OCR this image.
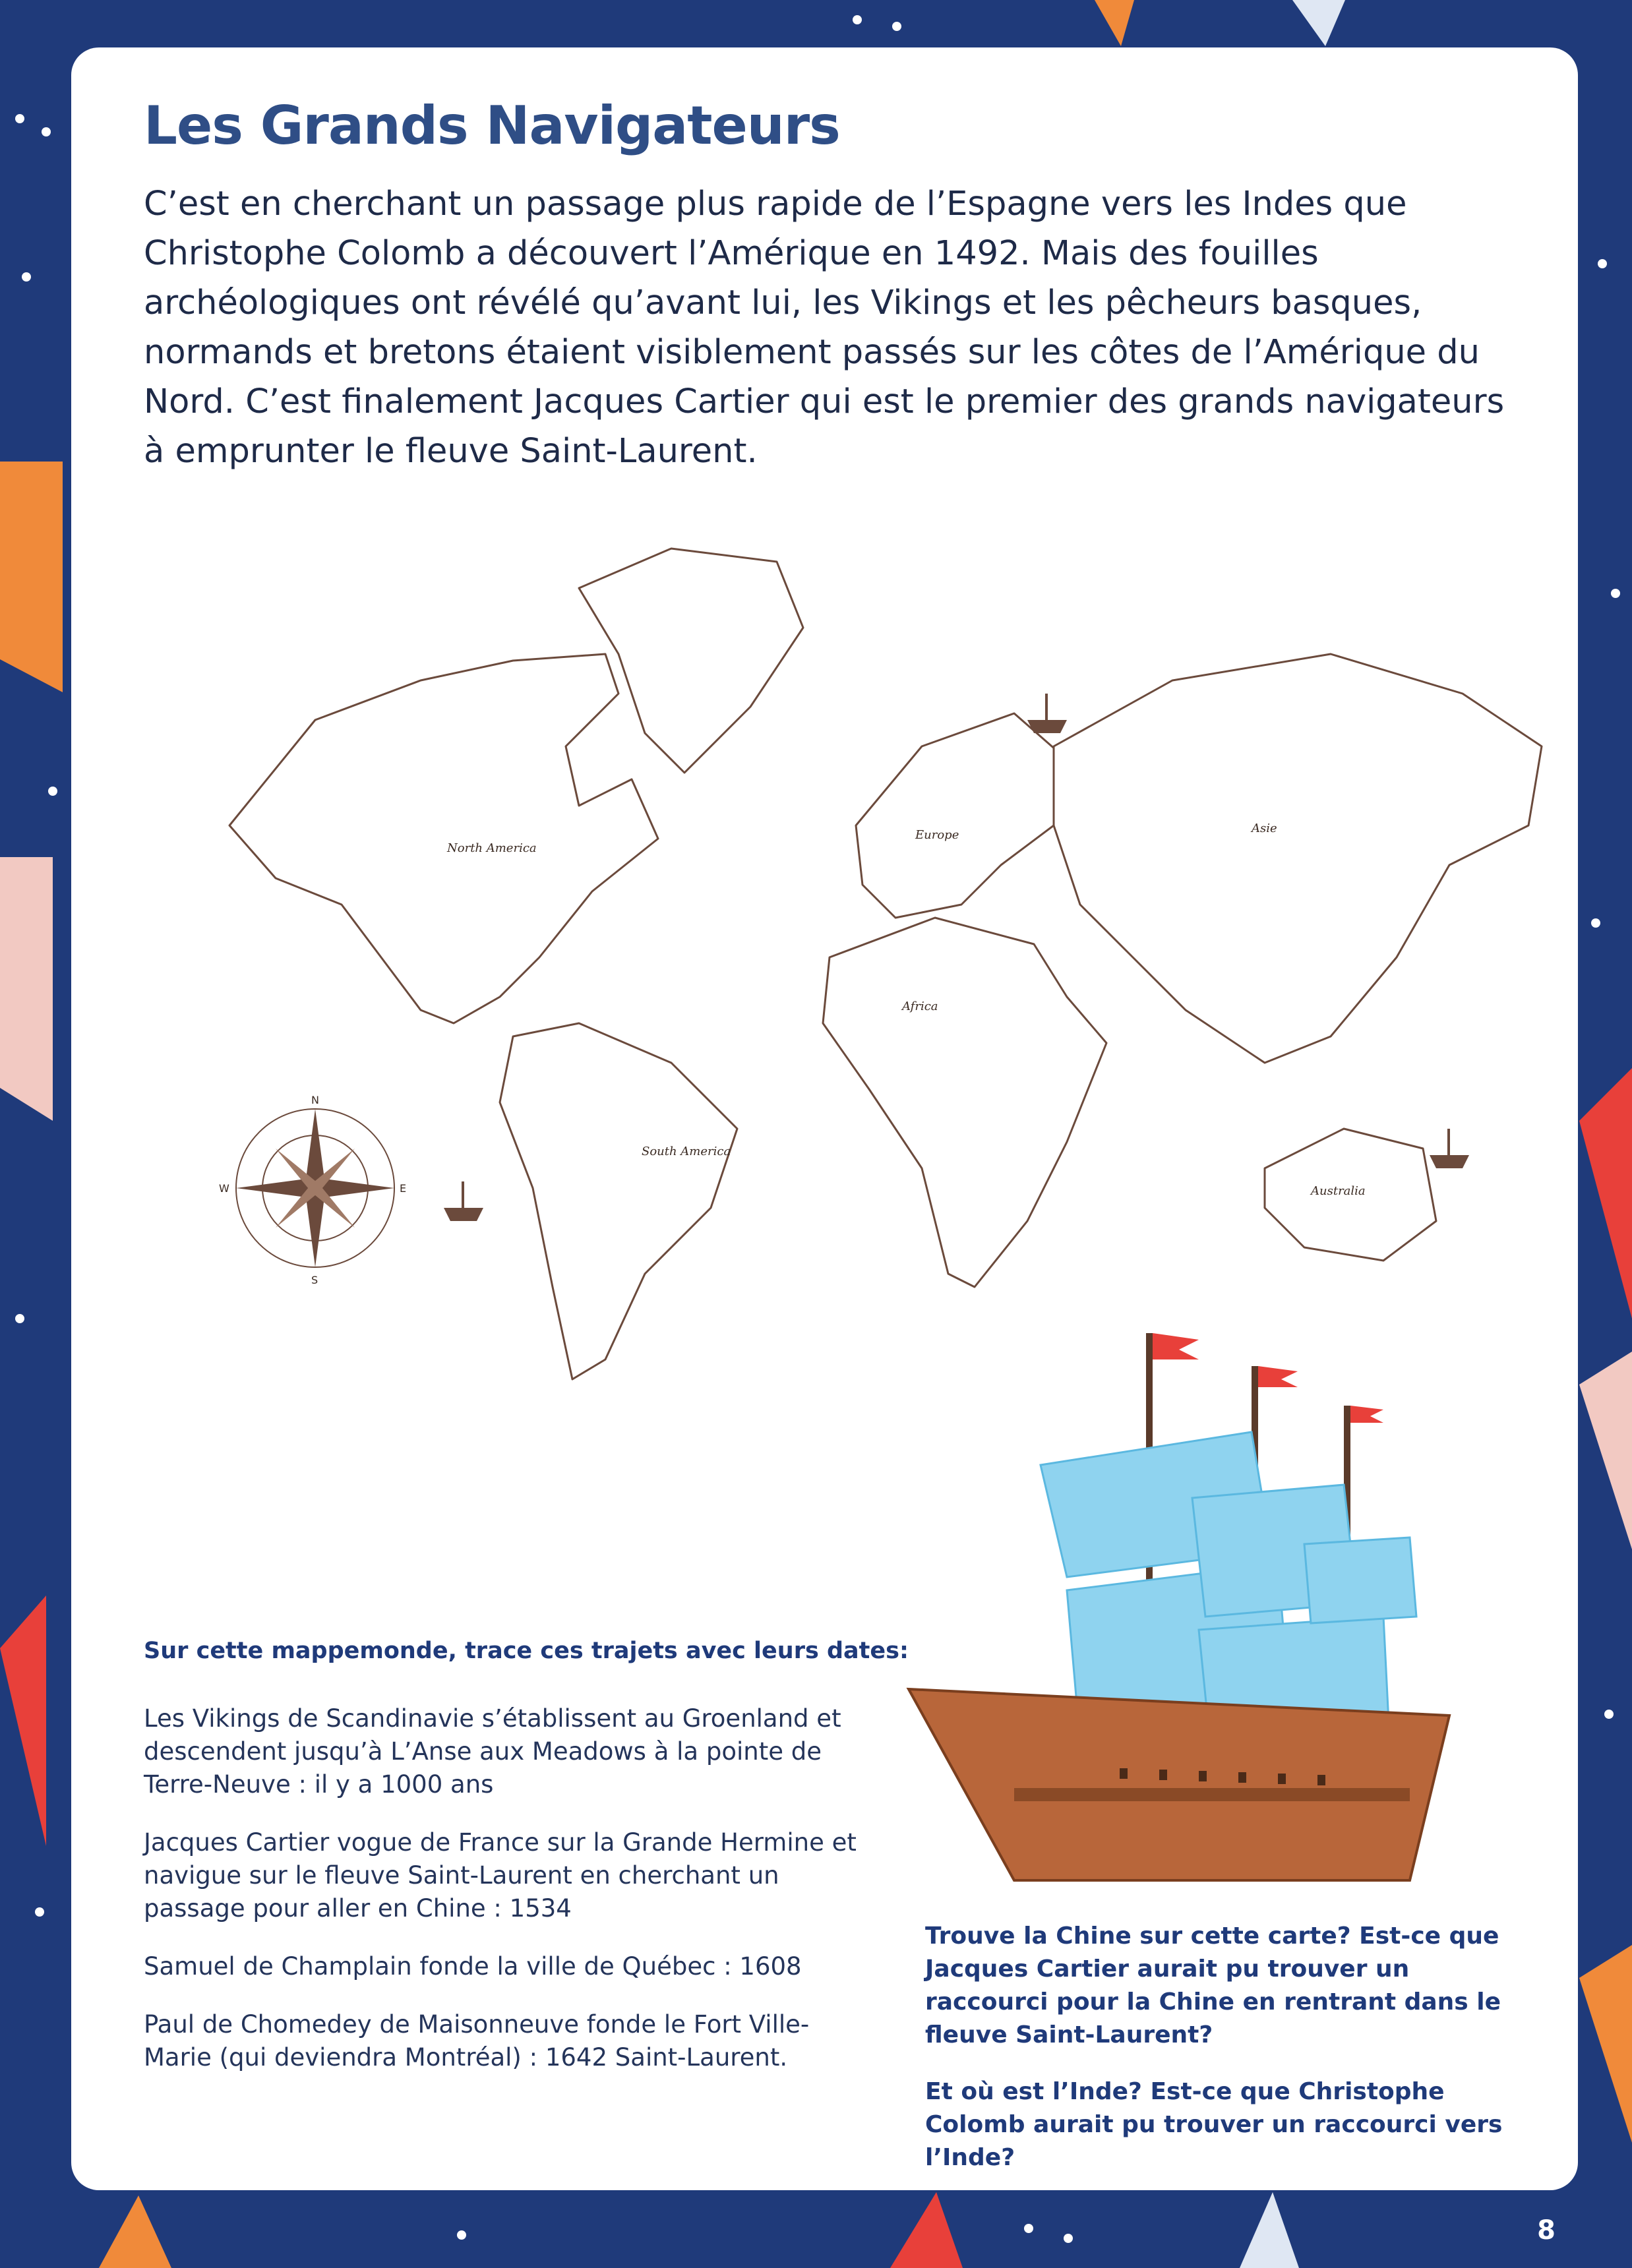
Les Grands Navigateurs

C’est en cherchant un passage plus rapide de l’Espagne vers les Indes que Christophe Colomb a découvert l’Amérique en 1492. Mais des fouilles archéologiques ont révélé qu’avant lui, les Vikings et les pêcheurs basques, normands et bretons étaient visiblement passés sur les côtes de l’Amérique du Nord. C’est finalement Jacques Cartier qui est le premier des grands navigateurs à emprunter le fleuve Saint-Laurent.

North America
South America
Europe
Africa
Asie
Australia
N
S
E
W
Sur cette mappemonde, trace ces trajets avec leurs dates:

Les Vikings de Scandinavie s’établissent au Groenland et descendent jusqu’à L’Anse aux Meadows à la pointe de Terre-Neuve : il y a 1000 ans

Jacques Cartier vogue de France sur la Grande Hermine et navigue sur le fleuve Saint-Laurent en cherchant un passage pour aller en Chine : 1534

Samuel de Champlain fonde la ville de Québec : 1608

Paul de Chomedey de Maisonneuve fonde le Fort Ville-Marie (qui deviendra Montréal) : 1642 Saint-Laurent.

Trouve la Chine sur cette carte? Est-ce que Jacques Cartier aurait pu trouver un raccourci pour la Chine en rentrant dans le fleuve Saint-Laurent?

Et où est l’Inde? Est-ce que Christophe Colomb aurait pu trouver un raccourci vers l’Inde?

8
